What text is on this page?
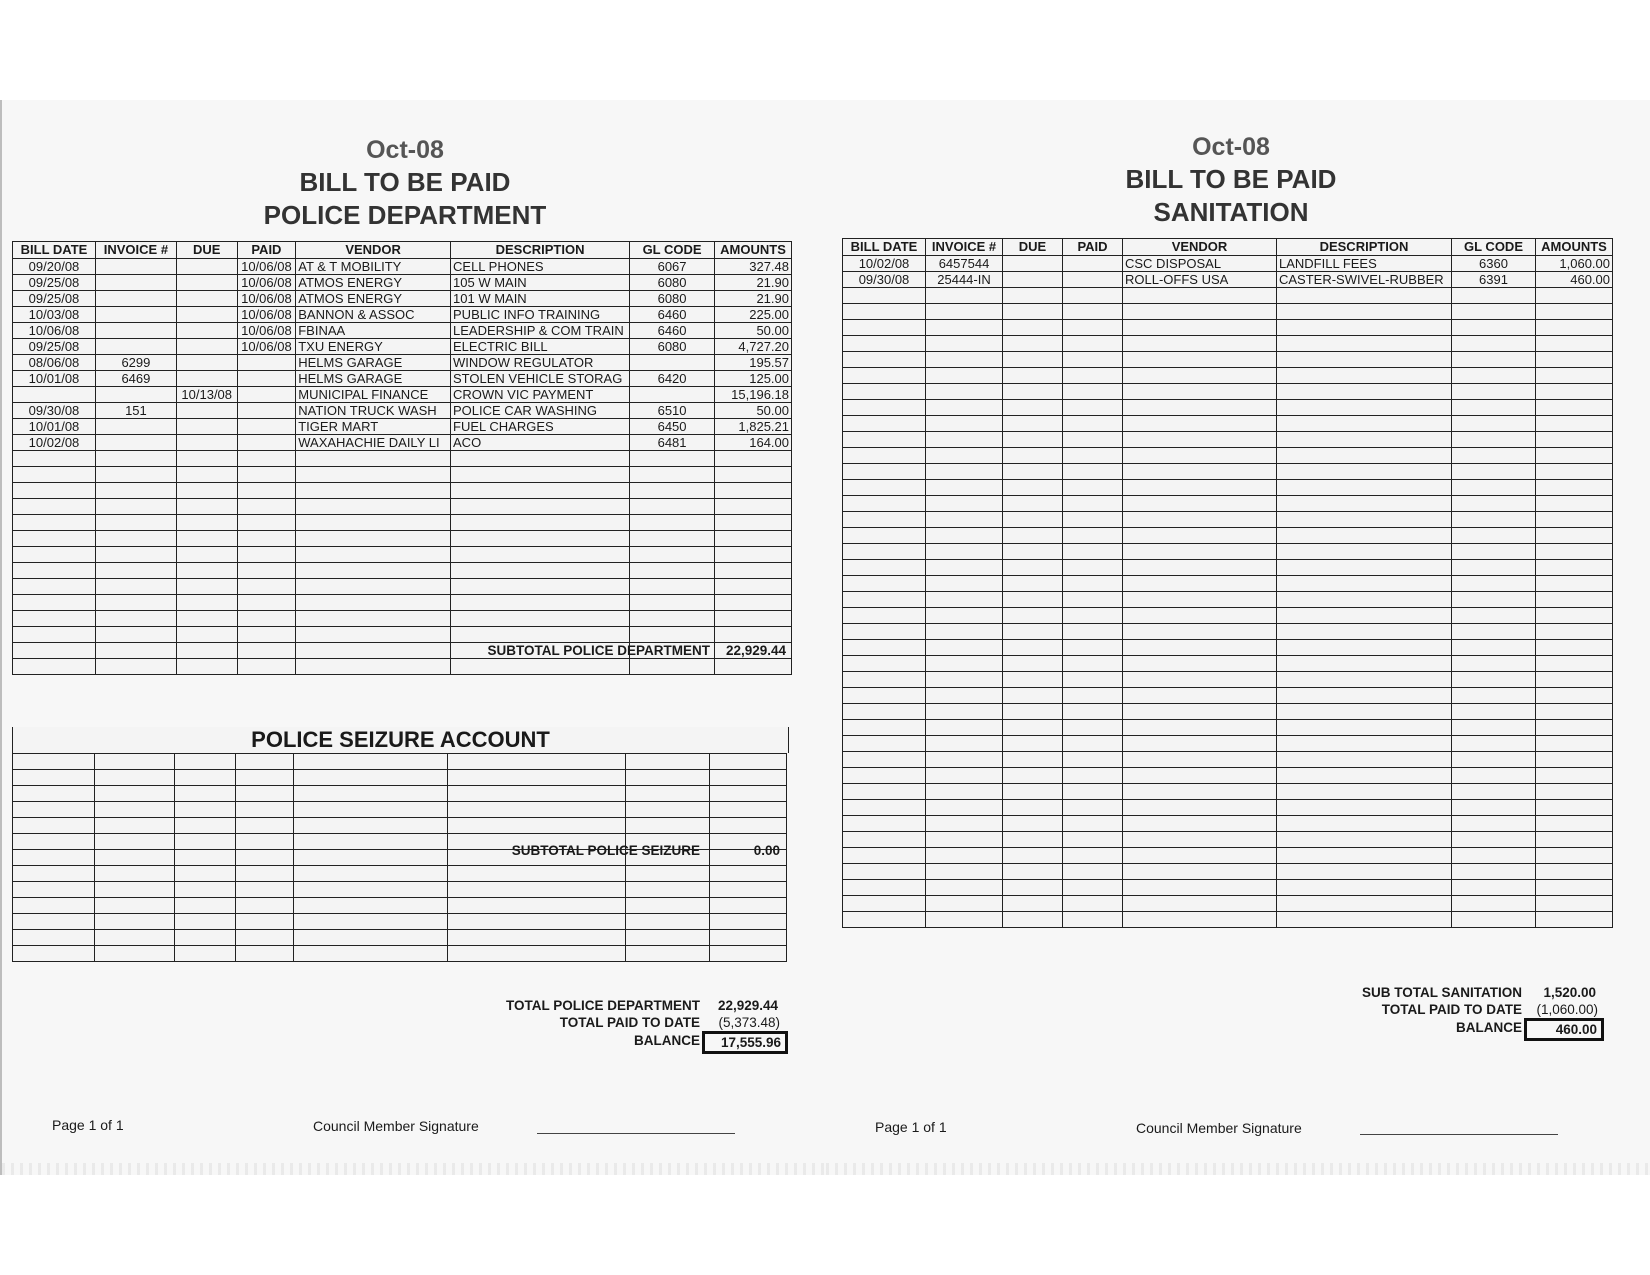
Oct-08
BILL TO BE PAID
POLICE DEPARTMENT
BILL DATE	INVOICE #	DUE	PAID	VENDOR	DESCRIPTION	GL CODE	AMOUNTS
09/20/08			10/06/08	AT & T MOBILITY	CELL PHONES	6067	327.48
09/25/08			10/06/08	ATMOS ENERGY	105 W MAIN	6080	21.90
09/25/08			10/06/08	ATMOS ENERGY	101 W MAIN	6080	21.90
10/03/08			10/06/08	BANNON & ASSOC	PUBLIC INFO TRAINING	6460	225.00
10/06/08			10/06/08	FBINAA	LEADERSHIP & COM TRAIN	6460	50.00
09/25/08			10/06/08	TXU ENERGY	ELECTRIC BILL	6080	4,727.20
08/06/08	6299			HELMS GARAGE	WINDOW REGULATOR		195.57
10/01/08	6469			HELMS GARAGE	STOLEN VEHICLE STORAG	6420	125.00
		10/13/08		MUNICIPAL FINANCE	CROWN VIC PAYMENT		15,196.18
09/30/08	151			NATION TRUCK WASH	POLICE CAR WASHING	6510	50.00
10/01/08				TIGER MART	FUEL CHARGES	6450	1,825.21
10/02/08				WAXAHACHIE DAILY LI	ACO	6481	164.00

SUBTOTAL POLICE DEPARTMENT	22,929.44
POLICE SEIZURE ACCOUNT

SUBTOTAL POLICE SEIZURE	0.00
TOTAL POLICE DEPARTMENT	22,929.44
TOTAL PAID TO DATE	(5,373.48)
BALANCE	17,555.96
Page 1 of 1	Council Member Signature
Oct-08
BILL TO BE PAID
SANITATION
BILL DATE	INVOICE #	DUE	PAID	VENDOR	DESCRIPTION	GL CODE	AMOUNTS
10/02/08	6457544			CSC DISPOSAL	LANDFILL FEES	6360	1,060.00
09/30/08	25444-IN			ROLL-OFFS USA	CASTER-SWIVEL-RUBBER	6391	460.00

SUB TOTAL SANITATION	1,520.00
TOTAL PAID TO DATE	(1,060.00)
BALANCE	460.00
Page 1 of 1	Council Member Signature
